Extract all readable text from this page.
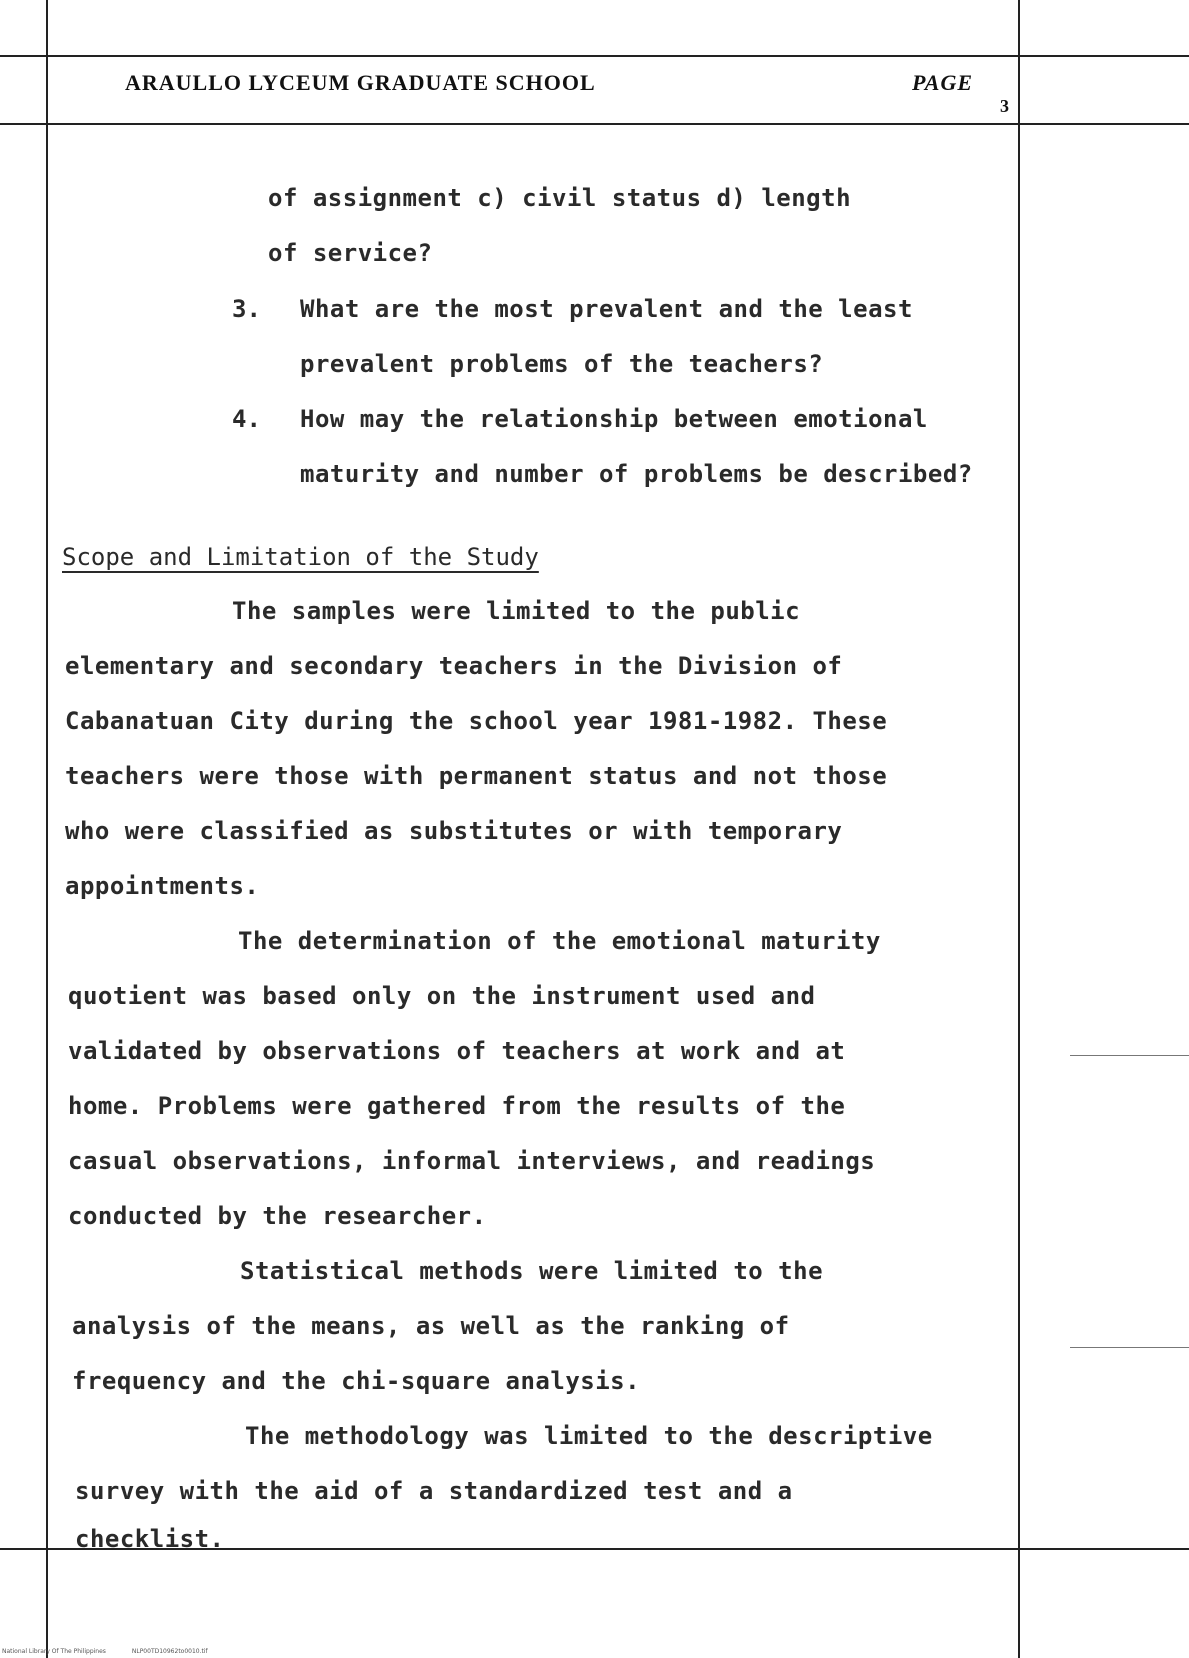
ARAULLO LYCEUM GRADUATE SCHOOL	PAGE
3
of assignment c) civil status d) length
of service?
3. What are the most prevalent and the least
prevalent problems of the teachers?
4. How may the relationship between emotional
maturity and number of problems be described?
Scope and Limitation of the Study
The samples were limited to the public
elementary and secondary teachers in the Division of
Cabanatuan City during the school year 1981-1982. These
teachers were those with permanent status and not those
who were classified as substitutes or with temporary
appointments.
The determination of the emotional maturity
quotient was based only on the instrument used and
validated by observations of teachers at work and at
home. Problems were gathered from the results of the
casual observations, informal interviews, and readings
conducted by the researcher.
Statistical methods were limited to the
analysis of the means, as well as the ranking of
frequency and the chi-square analysis.
The methodology was limited to the descriptive
survey with the aid of a standardized test and a
checklist.
National Library Of The Philippines	NLP00TD10962to0010.tif
